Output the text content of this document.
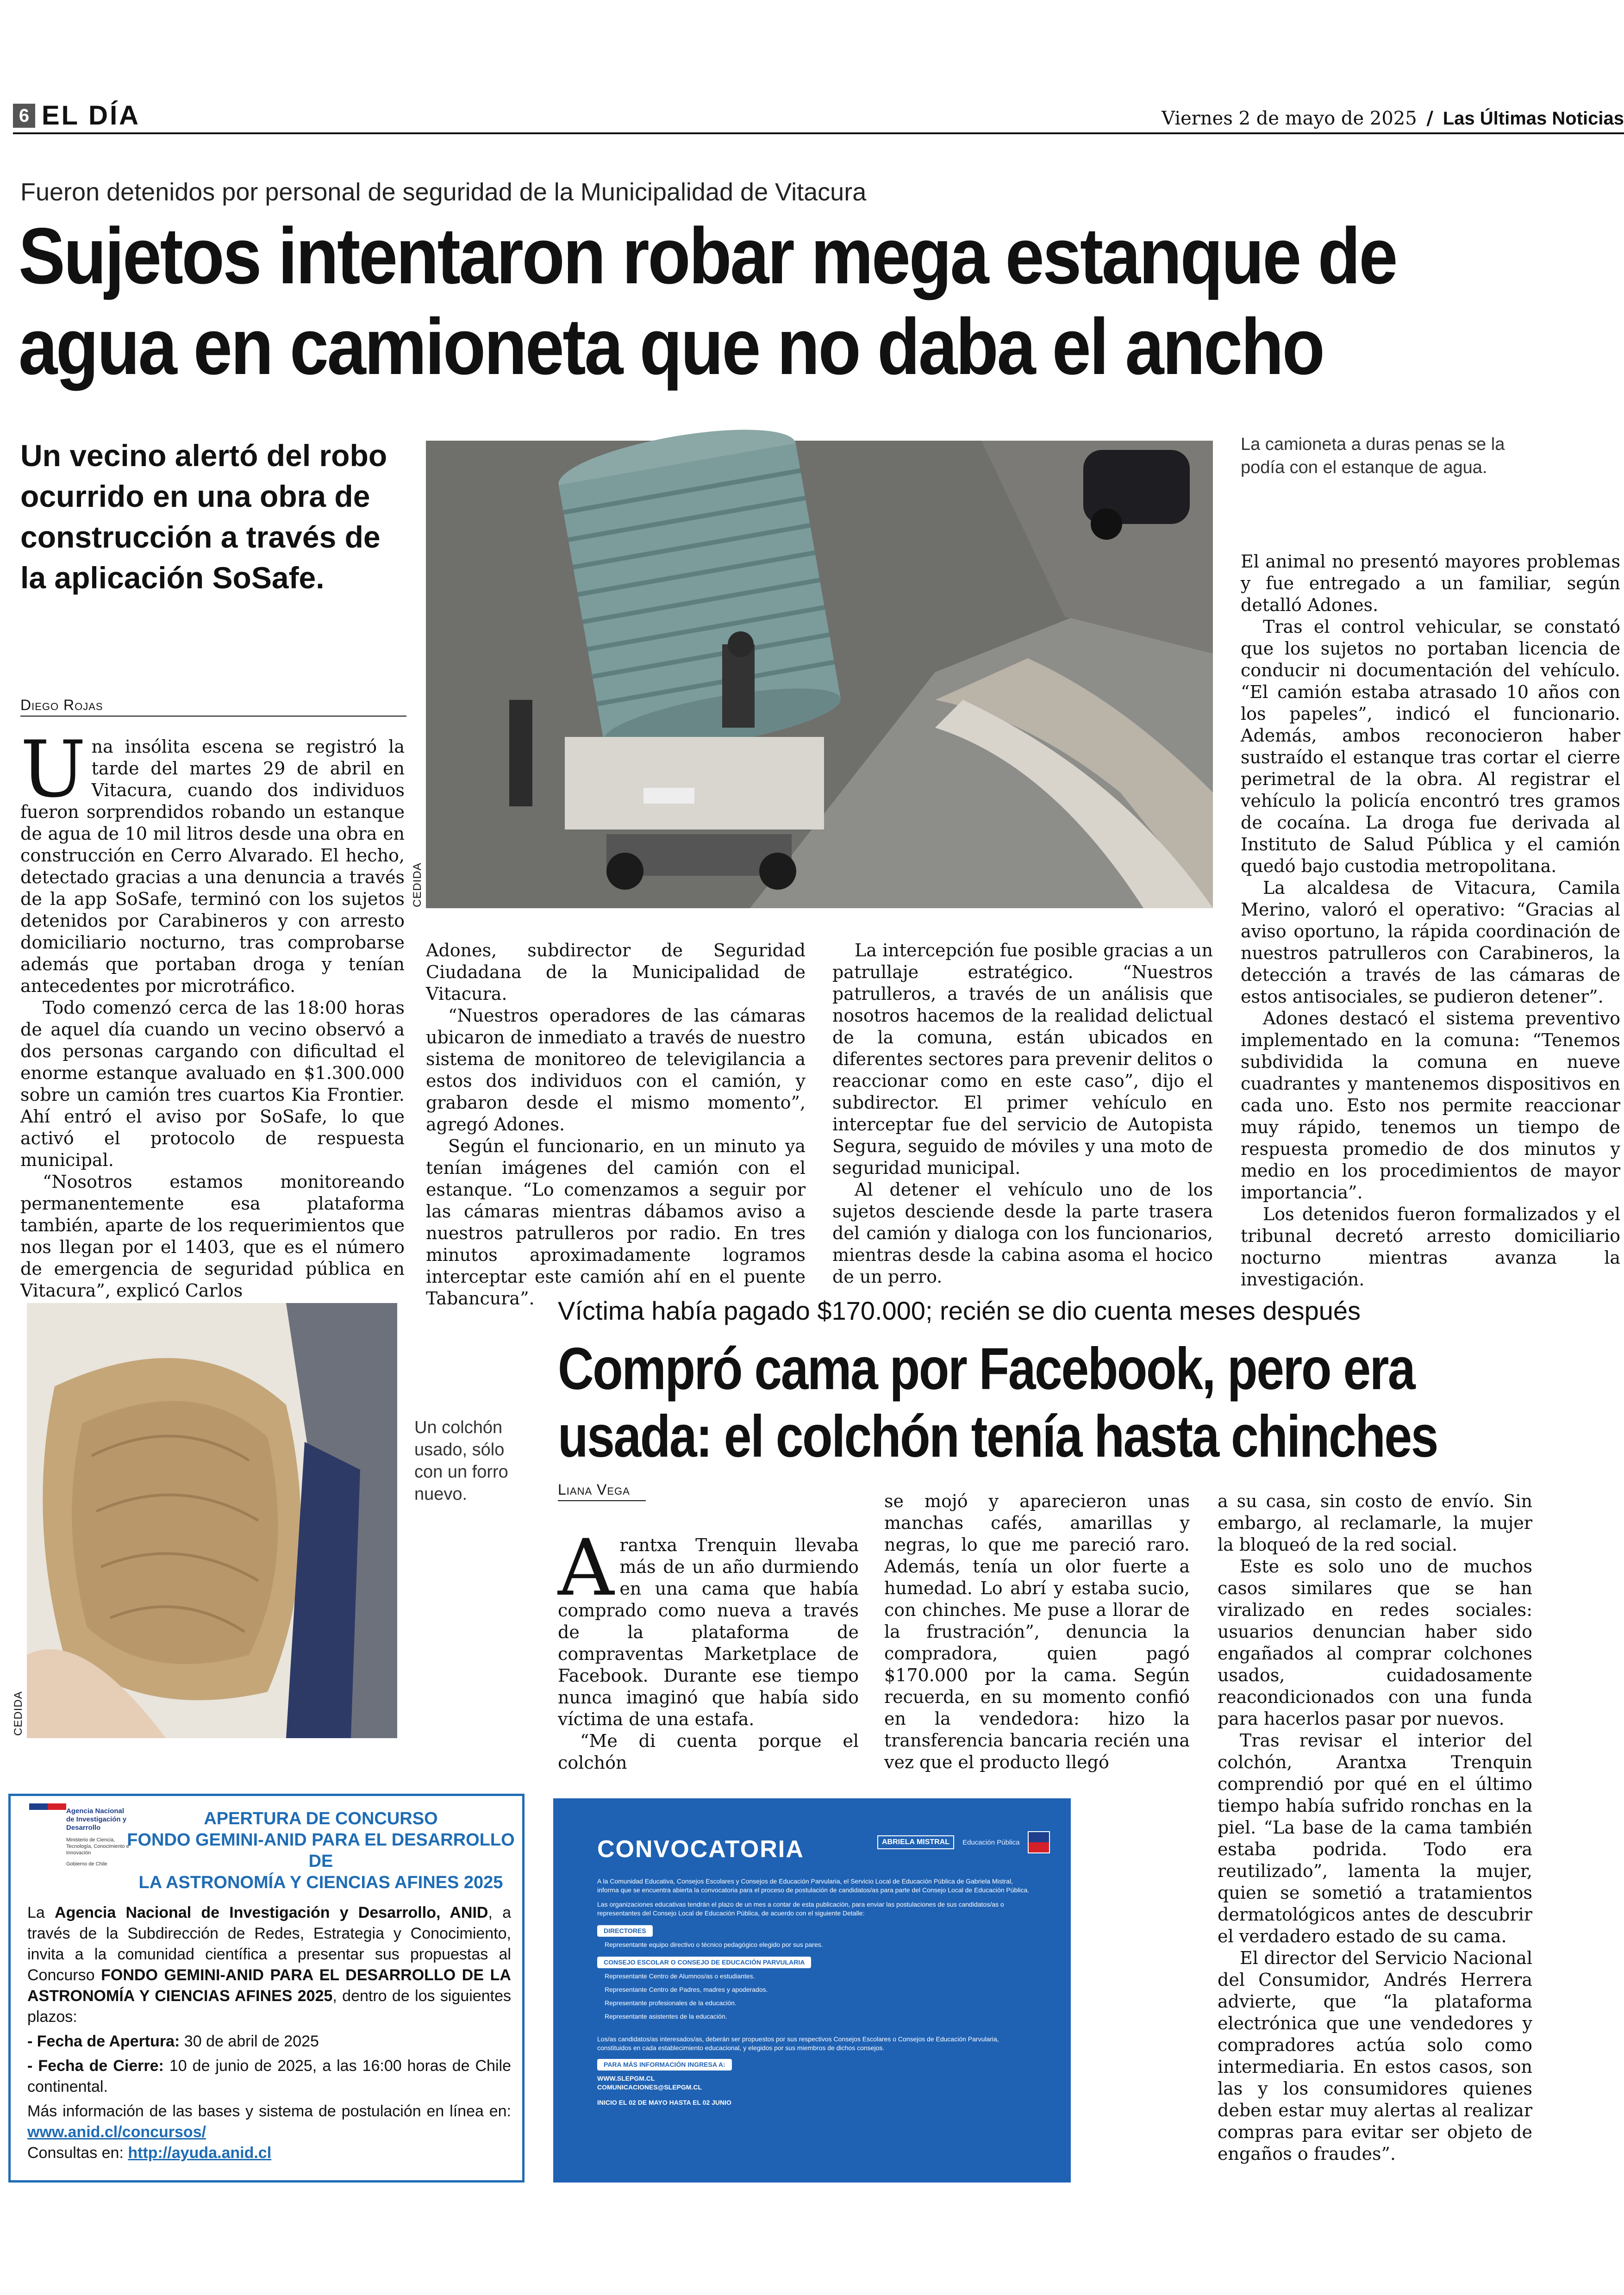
6 EL DÍA	Viernes 2 de mayo de 2025 / Las Últimas Noticias
Fueron detenidos por personal de seguridad de la Municipalidad de Vitacura
Sujetos intentaron robar mega estanque de
agua en camioneta que no daba el ancho
Un vecino alertó del robo ocurrido en una obra de construcción a través de la aplicación SoSafe.
Diego Rojas
CEDIDA
La camioneta a duras penas se la podía con el estanque de agua.

Una insólita escena se registró la tarde del martes 29 de abril en Vitacura, cuando dos individuos fueron sorprendidos robando un estanque de agua de 10 mil litros desde una obra en construcción en Cerro Alvarado. El hecho, detectado gracias a una denuncia a través de la app SoSafe, terminó con los sujetos detenidos por Carabineros y con arresto domiciliario nocturno, tras comprobarse además que portaban droga y tenían antecedentes por microtráfico.

Todo comenzó cerca de las 18:00 horas de aquel día cuando un vecino observó a dos personas cargando con dificultad el enorme estanque avaluado en $1.300.000 sobre un camión tres cuartos Kia Frontier. Ahí entró el aviso por SoSafe, lo que activó el protocolo de respuesta municipal.

“Nosotros estamos monitoreando permanentemente esa plataforma también, aparte de los requerimientos que nos llegan por el 1403, que es el número de emergencia de seguridad pública en Vitacura”, explicó Carlos

Adones, subdirector de Seguridad Ciudadana de la Municipalidad de Vitacura.

“Nuestros operadores de las cámaras ubicaron de inmediato a través de nuestro sistema de monitoreo de televigilancia a estos dos individuos con el camión, y grabaron desde el mismo momento”, agregó Adones.

Según el funcionario, en un minuto ya tenían imágenes del camión con el estanque. “Lo comenzamos a seguir por las cámaras mientras dábamos aviso a nuestros patrulleros por radio. En tres minutos aproximadamente logramos interceptar este camión ahí en el puente Tabancura”.

La intercepción fue posible gracias a un patrullaje estratégico. “Nuestros patrulleros, a través de un análisis que nosotros hacemos de la realidad delictual de la comuna, están ubicados en diferentes sectores para prevenir delitos o reaccionar como en este caso”, dijo el subdirector. El primer vehículo en interceptar fue del servicio de Autopista Segura, seguido de móviles y una moto de seguridad municipal.

Al detener el vehículo uno de los sujetos desciende desde la parte trasera del camión y dialoga con los funcionarios, mientras desde la cabina asoma el hocico de un perro.

El animal no presentó mayores problemas y fue entregado a un familiar, según detalló Adones.

Tras el control vehicular, se constató que los sujetos no portaban licencia de conducir ni documentación del vehículo. “El camión estaba atrasado 10 años con los papeles”, indicó el funcionario. Además, ambos reconocieron haber sustraído el estanque tras cortar el cierre perimetral de la obra. Al registrar el vehículo la policía encontró tres gramos de cocaína. La droga fue derivada al Instituto de Salud Pública y el camión quedó bajo custodia metropolitana.

La alcaldesa de Vitacura, Camila Merino, valoró el operativo: “Gracias al aviso oportuno, la rápida coordinación de nuestros patrulleros con Carabineros, la detección a través de las cámaras de estos antisociales, se pudieron detener”.

Adones destacó el sistema preventivo implementado en la comuna: “Tenemos subdividida la comuna en nueve cuadrantes y mantenemos dispositivos en cada uno. Esto nos permite reaccionar muy rápido, tenemos un tiempo de respuesta promedio de dos minutos y medio en los procedimientos de mayor importancia”.

Los detenidos fueron formalizados y el tribunal decretó arresto domiciliario nocturno mientras avanza la investigación.

CEDIDA
Un colchón usado, sólo con un forro nuevo.
Víctima había pagado $170.000; recién se dio cuenta meses después
Compró cama por Facebook, pero era
usada: el colchón tenía hasta chinches
Liana Vega

Arantxa Trenquin llevaba más de un año durmiendo en una cama que había comprado como nueva a través de la plataforma de compraventas Marketplace de Facebook. Durante ese tiempo nunca imaginó que había sido víctima de una estafa.

“Me di cuenta porque el colchón

se mojó y aparecieron unas manchas cafés, amarillas y negras, lo que me pareció raro. Además, tenía un olor fuerte a humedad. Lo abrí y estaba sucio, con chinches. Me puse a llorar de la frustración”, denuncia la compradora, quien pagó $170.000 por la cama. Según recuerda, en su momento confió en la vendedora: hizo la transferencia bancaria recién una vez que el producto llegó

a su casa, sin costo de envío. Sin embargo, al reclamarle, la mujer la bloqueó de la red social.

Este es solo uno de muchos casos similares que se han viralizado en redes sociales: usuarios denuncian haber sido engañados al comprar colchones usados, cuidadosamente reacondicionados con una funda para hacerlos pasar por nuevos.

Tras revisar el interior del colchón, Arantxa Trenquin comprendió por qué en el último tiempo había sufrido ronchas en la piel. “La base de la cama también estaba podrida. Todo era reutilizado”, lamenta la mujer, quien se sometió a tratamientos dermatológicos antes de descubrir el verdadero estado de su cama.

El director del Servicio Nacional del Consumidor, Andrés Herrera advierte, que “la plataforma electrónica que une vendedores y compradores actúa solo como intermediaria. En estos casos, son las y los consumidores quienes deben estar muy alertas al realizar compras para evitar ser objeto de engaños o fraudes”.

Agencia Nacional de Investigación y Desarrollo
Ministerio de Ciencia, Tecnología, Conocimiento e Innovación
Gobierno de Chile
APERTURA DE CONCURSO
FONDO GEMINI-ANID PARA EL DESARROLLO DE
LA ASTRONOMÍA Y CIENCIAS AFINES 2025

La Agencia Nacional de Investigación y Desarrollo, ANID, a través de la Subdirección de Redes, Estrategia y Conocimiento, invita a la comunidad científica a presentar sus propuestas al Concurso FONDO GEMINI-ANID PARA EL DESARROLLO DE LA ASTRONOMÍA Y CIENCIAS AFINES 2025, dentro de los siguientes plazos:

- Fecha de Apertura: 30 de abril de 2025

- Fecha de Cierre: 10 de junio de 2025, a las 16:00 horas de Chile continental.

Más información de las bases y sistema de postulación en línea en: www.anid.cl/concursos/

Consultas en: http://ayuda.anid.cl

CONVOCATORIA	ABRIELA MISTRAL	Educación Pública

A la Comunidad Educativa, Consejos Escolares y Consejos de Educación Parvularia, el Servicio Local de Educación Pública de Gabriela Mistral, informa que se encuentra abierta la convocatoria para el proceso de postulación de candidatos/as para parte del Consejo Local de Educación Pública.

Las organizaciones educativas tendrán el plazo de un mes a contar de esta publicación, para enviar las postulaciones de sus candidatos/as o representantes del Consejo Local de Educación Pública, de acuerdo con el siguiente Detalle:

DIRECTORES
Representante equipo directivo o técnico pedagógico elegido por sus pares.
CONSEJO ESCOLAR O CONSEJO DE EDUCACIÓN PARVULARIA
Representante Centro de Alumnos/as o estudiantes.
Representante Centro de Padres, madres y apoderados.
Representante profesionales de la educación.
Representante asistentes de la educación.

Los/as candidatos/as interesados/as, deberán ser propuestos por sus respectivos Consejos Escolares o Consejos de Educación Parvularia, constituidos en cada establecimiento educacional, y elegidos por sus miembros de dichos consejos.

PARA MÁS INFORMACIÓN INGRESA A:
WWW.SLEPGM.CL
COMUNICACIONES@SLEPGM.CL
INICIO EL 02 DE MAYO HASTA EL 02 JUNIO
